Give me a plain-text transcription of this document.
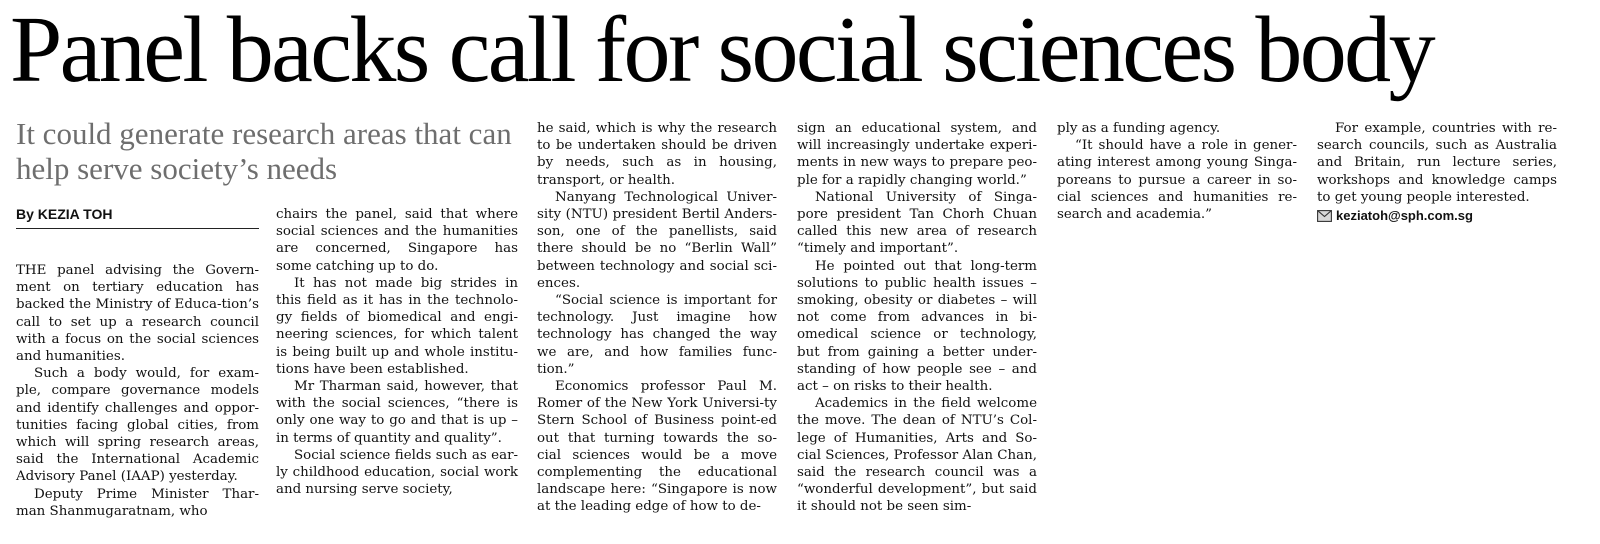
Panel backs call for social sciences body
It could generate research areas that can help serve society’s needs
By KEZIA TOH

THE panel advising the Govern-ment on tertiary education has backed the Ministry of Educa-tion’s call to set up a research council with a focus on the social sciences and humanities.

Such a body would, for exam-ple, compare governance models and identify challenges and oppor-tunities facing global cities, from which will spring research areas, said the International Academic Advisory Panel (IAAP) yesterday.

Deputy Prime Minister Thar-man Shanmugaratnam, who

chairs the panel, said that where social sciences and the humanities are concerned, Singapore has some catching up to do.

It has not made big strides in this field as it has in the technolo-gy fields of biomedical and engi-neering sciences, for which talent is being built up and whole institu-tions have been established.

Mr Tharman said, however, that with the social sciences, “there is only one way to go and that is up – in terms of quantity and quality”.

Social science fields such as ear-ly childhood education, social work and nursing serve society,

he said, which is why the research to be undertaken should be driven by needs, such as in housing, transport, or health.

Nanyang Technological Univer-sity (NTU) president Bertil Anders-son, one of the panellists, said there should be no “Berlin Wall” between technology and social sci-ences.

“Social science is important for technology. Just imagine how technology has changed the way we are, and how families func-tion.”

Economics professor Paul M. Romer of the New York Universi-ty Stern School of Business point-ed out that turning towards the so-cial sciences would be a move complementing the educational landscape here: “Singapore is now at the leading edge of how to de-

sign an educational system, and will increasingly undertake experi-ments in new ways to prepare peo-ple for a rapidly changing world.”

National University of Singa-pore president Tan Chorh Chuan called this new area of research “timely and important”.

He pointed out that long-term solutions to public health issues – smoking, obesity or diabetes – will not come from advances in bi-omedical science or technology, but from gaining a better under-standing of how people see – and act – on risks to their health.

Academics in the field welcome the move. The dean of NTU’s Col-lege of Humanities, Arts and So-cial Sciences, Professor Alan Chan, said the research council was a “wonderful development”, but said it should not be seen sim-

ply as a funding agency.

“It should have a role in gener-ating interest among young Singa-poreans to pursue a career in so-cial sciences and humanities re-search and academia.”

For example, countries with re-search councils, such as Australia and Britain, run lecture series, workshops and knowledge camps to get young people interested.

keziatoh@sph.com.sg
